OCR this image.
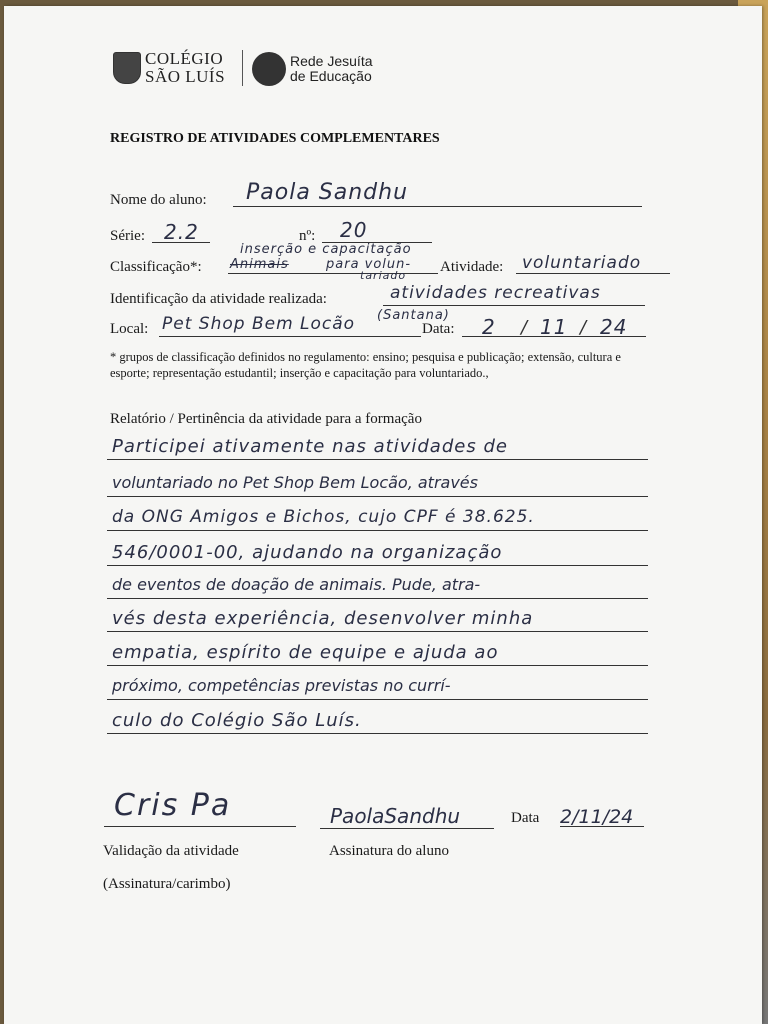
COLÉGIO
SÃO LUÍS
Rede Jesuíta
de Educação
REGISTRO DE ATIVIDADES COMPLEMENTARES
Nome do aluno: Paola Sandhu
Série: 2.2	nº: 20
Classificação*:
inserção e capacitação
Animais	para volun-
tariado
Atividade: voluntariado
Identificação da atividade realizada:	atividades recreativas
Local: Pet Shop Bem Locão (Santana)
Data: 2 / 11 / 24
* grupos de classificação definidos no regulamento: ensino; pesquisa e publicação; extensão, cultura e esporte; representação estudantil; inserção e capacitação para voluntariado.,
Relatório / Pertinência da atividade para a formação
Participei ativamente nas atividades de
voluntariado no Pet Shop Bem Locão, através
da ONG Amigos e Bichos, cujo CPF é 38.625.
546/0001-00, ajudando na organização
de eventos de doação de animais. Pude, atra-
vés desta experiência, desenvolver minha
empatia, espírito de equipe e ajuda ao
próximo, competências previstas no currí-
culo do Colégio São Luís.
Cris Pa
Validação da atividade
(Assinatura/carimbo)
PaolaSandhu
Assinatura do aluno
Data 2/11/24
